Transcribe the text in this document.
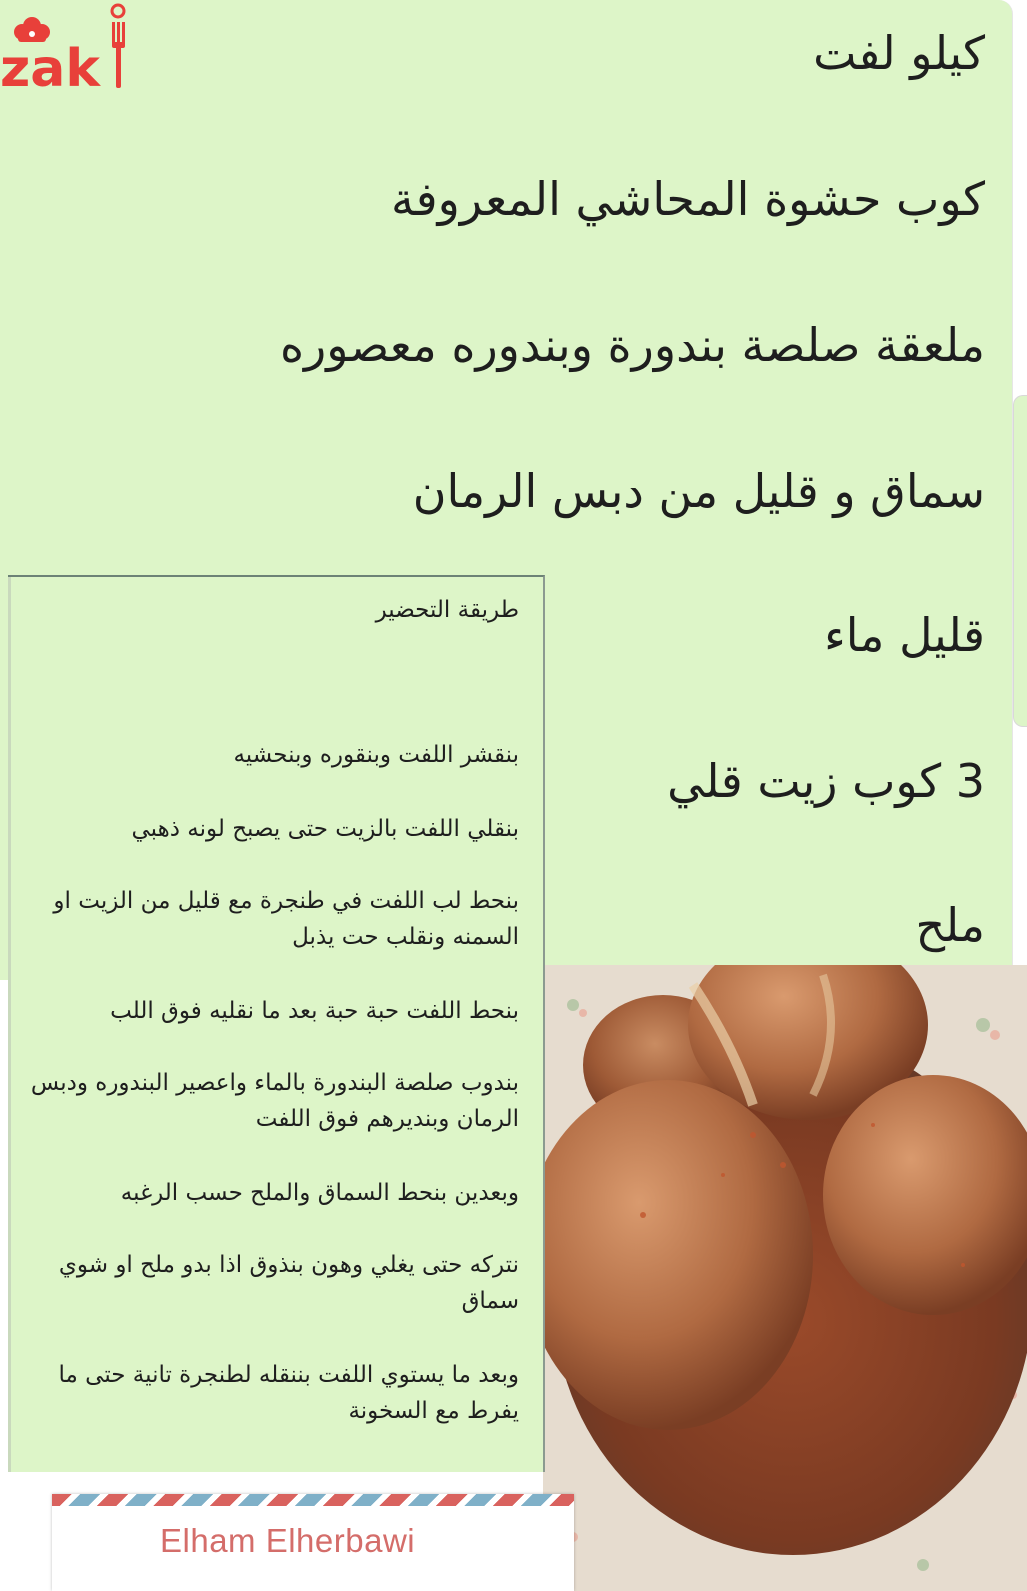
zak	كيلو لفت
كوب حشوة المحاشي المعروفة
ملعقة صلصة بندورة وبندوره معصوره
سماق و قليل من دبس الرمان
قليل ماء
3 كوب زيت قلي
ملح
طريقة التحضير
بنقشر اللفت وبنقوره وبنحشيه
بنقلي اللفت بالزيت حتى يصبح لونه ذهبي
بنحط لب اللفت في طنجرة مع قليل من الزيت او السمنه ونقلب حت يذبل
بنحط اللفت حبة حبة بعد ما نقليه فوق اللب
بندوب صلصة البندورة بالماء واعصير البندوره ودبس الرمان وبنديرهم فوق اللفت
وبعدين بنحط السماق والملح حسب الرغبه
نتركه حتى يغلي وهون بنذوق اذا بدو ملح او شوي سماق
وبعد ما يستوي اللفت بننقله لطنجرة تانية حتى ما يفرط مع السخونة
Elham Elherbawi
